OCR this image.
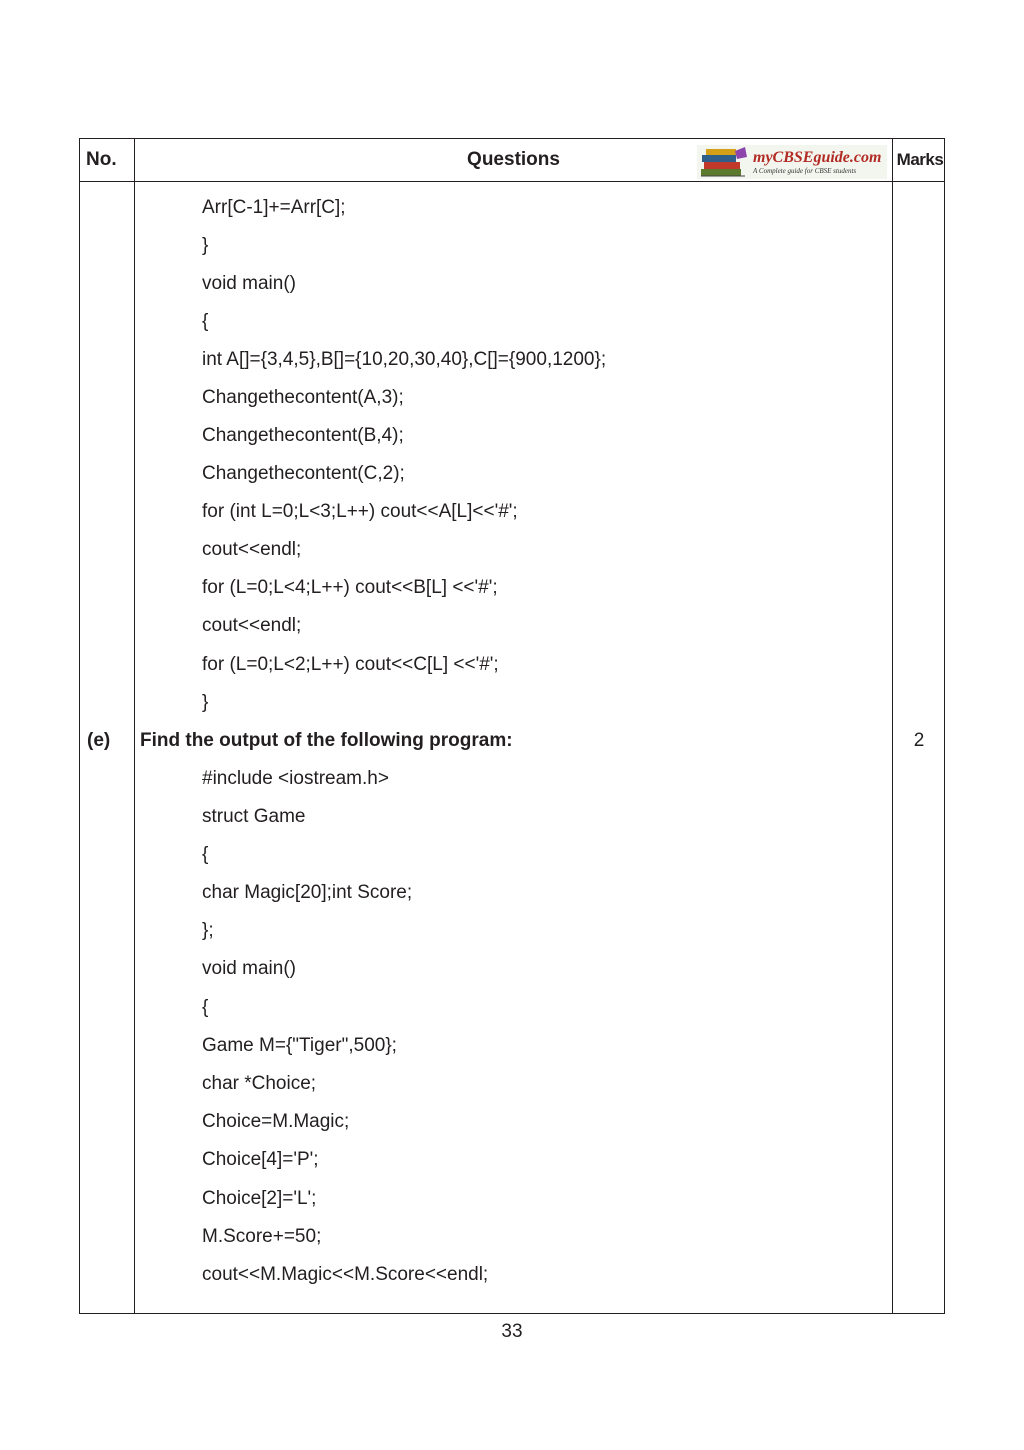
No.	Questions	Marks
myCBSEguide.com
A Complete guide for CBSE students
Arr[C-1]+=Arr[C];
}
void main()
{
int A[]={3,4,5},B[]={10,20,30,40},C[]={900,1200};
Changethecontent(A,3);
Changethecontent(B,4);
Changethecontent(C,2);
for (int L=0;L<3;L++) cout<<A[L]<<'#';
cout<<endl;
for (L=0;L<4;L++) cout<<B[L] <<'#';
cout<<endl;
for (L=0;L<2;L++) cout<<C[L] <<'#';
}
(e) Find the output of the following program:	2
#include <iostream.h>
struct Game
{
char Magic[20];int Score;
};
void main()
{
Game M={"Tiger",500};
char *Choice;
Choice=M.Magic;
Choice[4]='P';
Choice[2]='L';
M.Score+=50;
cout<<M.Magic<<M.Score<<endl;
33
